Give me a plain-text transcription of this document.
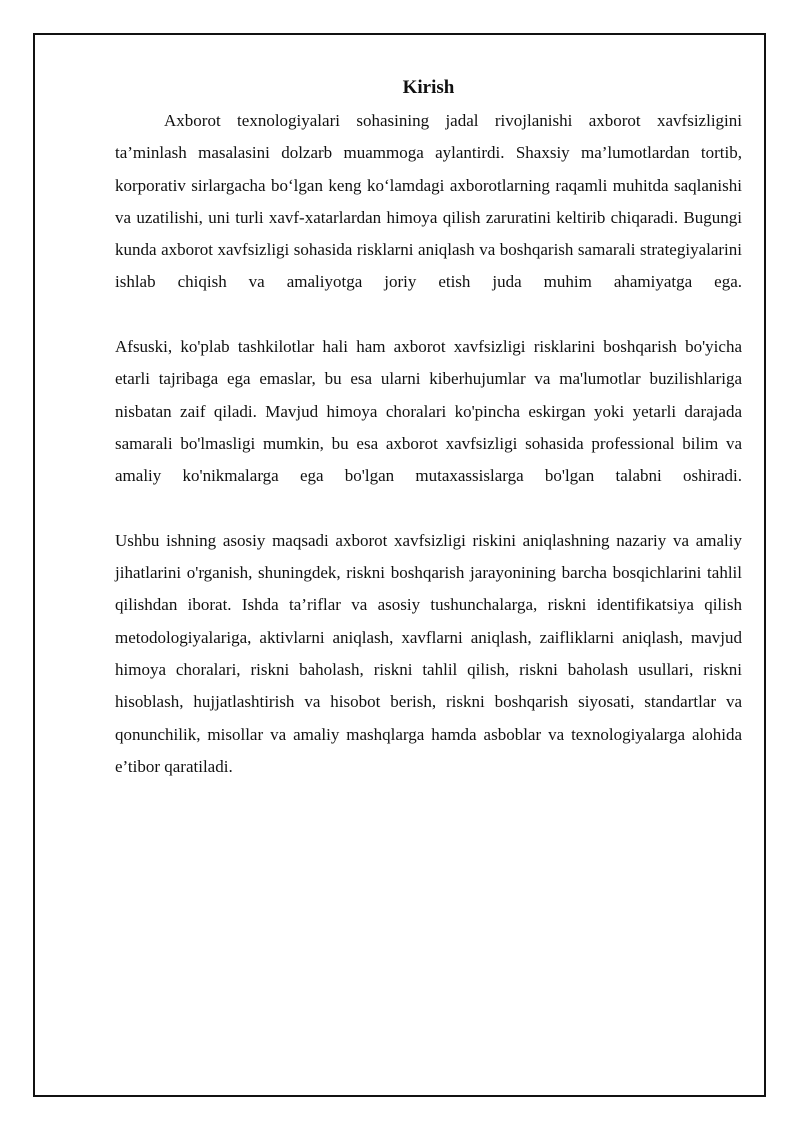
Kirish

Axborot texnologiyalari sohasining jadal rivojlanishi axborot xavfsizligini ta’minlash masalasini dolzarb muammoga aylantirdi. Shaxsiy ma’lumotlardan tortib, korporativ sirlargacha bo‘lgan keng ko‘lamdagi axborotlarning raqamli muhitda saqlanishi va uzatilishi, uni turli xavf-xatarlardan himoya qilish zaruratini keltirib chiqaradi. Bugungi kunda axborot xavfsizligi sohasida risklarni aniqlash va boshqarish samarali strategiyalarini ishlab chiqish va amaliyotga joriy etish juda muhim ahamiyatga ega.

Afsuski, ko'plab tashkilotlar hali ham axborot xavfsizligi risklarini boshqarish bo'yicha etarli tajribaga ega emaslar, bu esa ularni kiberhujumlar va ma'lumotlar buzilishlariga nisbatan zaif qiladi. Mavjud himoya choralari ko'pincha eskirgan yoki yetarli darajada samarali bo'lmasligi mumkin, bu esa axborot xavfsizligi sohasida professional bilim va amaliy ko'nikmalarga ega bo'lgan mutaxassislarga bo'lgan talabni oshiradi.

Ushbu ishning asosiy maqsadi axborot xavfsizligi riskini aniqlashning nazariy va amaliy jihatlarini o'rganish, shuningdek, riskni boshqarish jarayonining barcha bosqichlarini tahlil qilishdan iborat. Ishda ta’riflar va asosiy tushunchalarga, riskni identifikatsiya qilish metodologiyalariga, aktivlarni aniqlash, xavflarni aniqlash, zaifliklarni aniqlash, mavjud himoya choralari, riskni baholash, riskni tahlil qilish, riskni baholash usullari, riskni hisoblash, hujjatlashtirish va hisobot berish, riskni boshqarish siyosati, standartlar va qonunchilik, misollar va amaliy mashqlarga hamda asboblar va texnologiyalarga alohida e’tibor qaratiladi.
